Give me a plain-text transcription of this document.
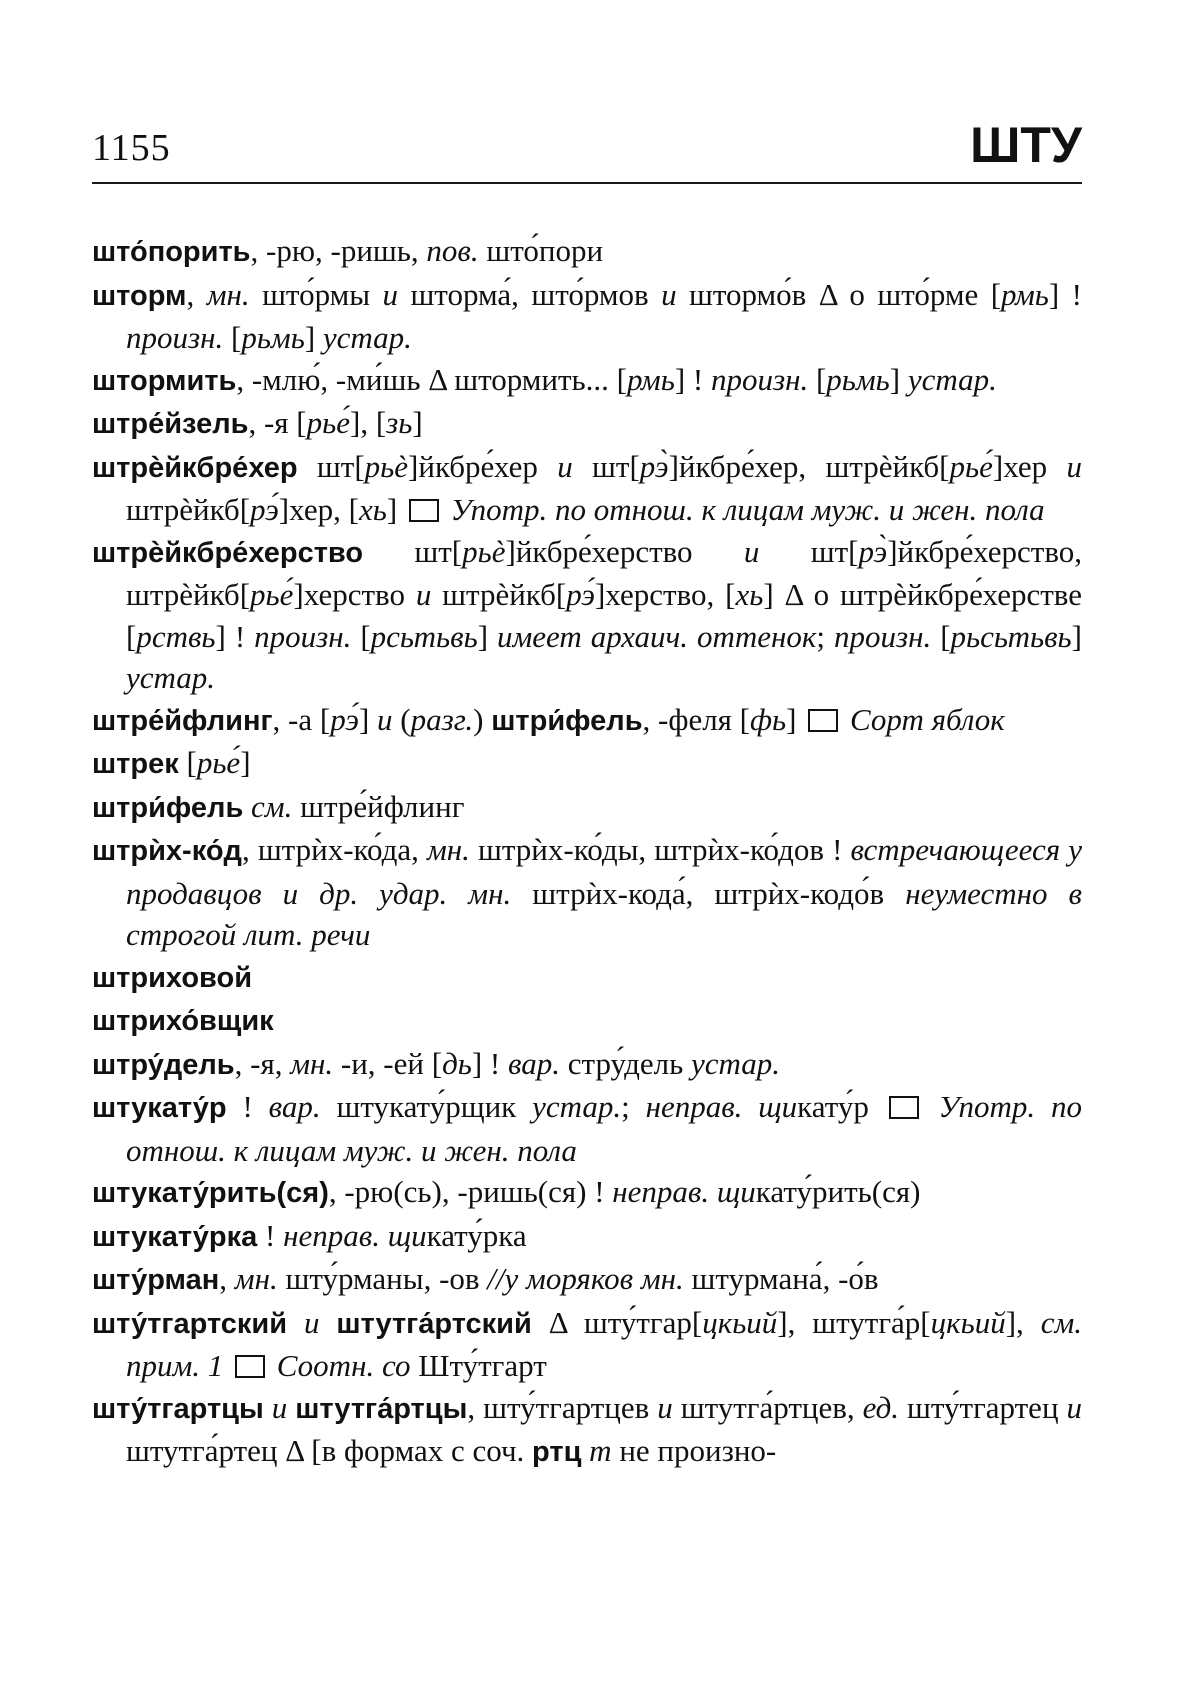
1155	ШТУ

што́порить, -рю, -ришь, пов. што́пори

шторм, мн. што́рмы и шторма́, што́рмов и штормо́в Δ о што́рме [рмь] ! произн. [рьмь] устар.

штормить, -млю́, -ми́шь Δ штормить... [рмь] ! произн. [рьмь] устар.

штре́йзель, -я [рье́], [зь]

штрѐйкбре́хер шт[рьѐ]йкбре́хер и шт[рэ̀]йкбре́хер, штрѐйкб[рье́]хер и штрѐйкб[рэ́]хер, [хь]  Употр. по отнош. к лицам муж. и жен. пола

штрѐйкбре́херство шт[рьѐ]йкбре́херство и шт[рэ̀]йкбре́херство, штрѐйкб[рье́]херство и штрѐйкб[рэ́]херство, [хь] Δ о штрѐйкбре́херстве [рствь] ! произн. [рсьтьвь] имеет архаич. оттенок; произн. [рьсьтьвь] устар.

штре́йфлинг, -а [рэ́] и (разг.) штри́фель, -феля [фь]  Сорт яблок

штрек [рье́]

штри́фель см. штре́йфлинг

штрѝх-ко́д, штрѝх-ко́да, мн. штрѝх-ко́ды, штрѝх-ко́дов ! встречающееся у продавцов и др. удар. мн. штрѝх-кода́, штрѝх-кодо́в неуместно в строгой лит. речи

штриховой

штрихо́вщик

штру́дель, -я, мн. -и, -ей [дь] ! вар. стру́дель устар.

штукату́р ! вар. штукату́рщик устар.; неправ. щикату́р  Употр. по отнош. к лицам муж. и жен. пола

штукату́рить(ся), -рю(сь), -ришь(ся) ! неправ. щикату́рить(ся)

штукату́рка ! неправ. щикату́рка

шту́рман, мн. шту́рманы, -ов //у моряков мн. штурмана́, -о́в

шту́тгартский и штутга́ртский Δ шту́тгар[цкьий], штутга́р[цкьий], см. прим. 1 Соотн. со Шту́тгарт

шту́тгартцы и штутга́ртцы, шту́тгартцев и штутга́ртцев, ед. шту́тгартец и штутга́ртец Δ [в формах с соч. ртц т не произно-
